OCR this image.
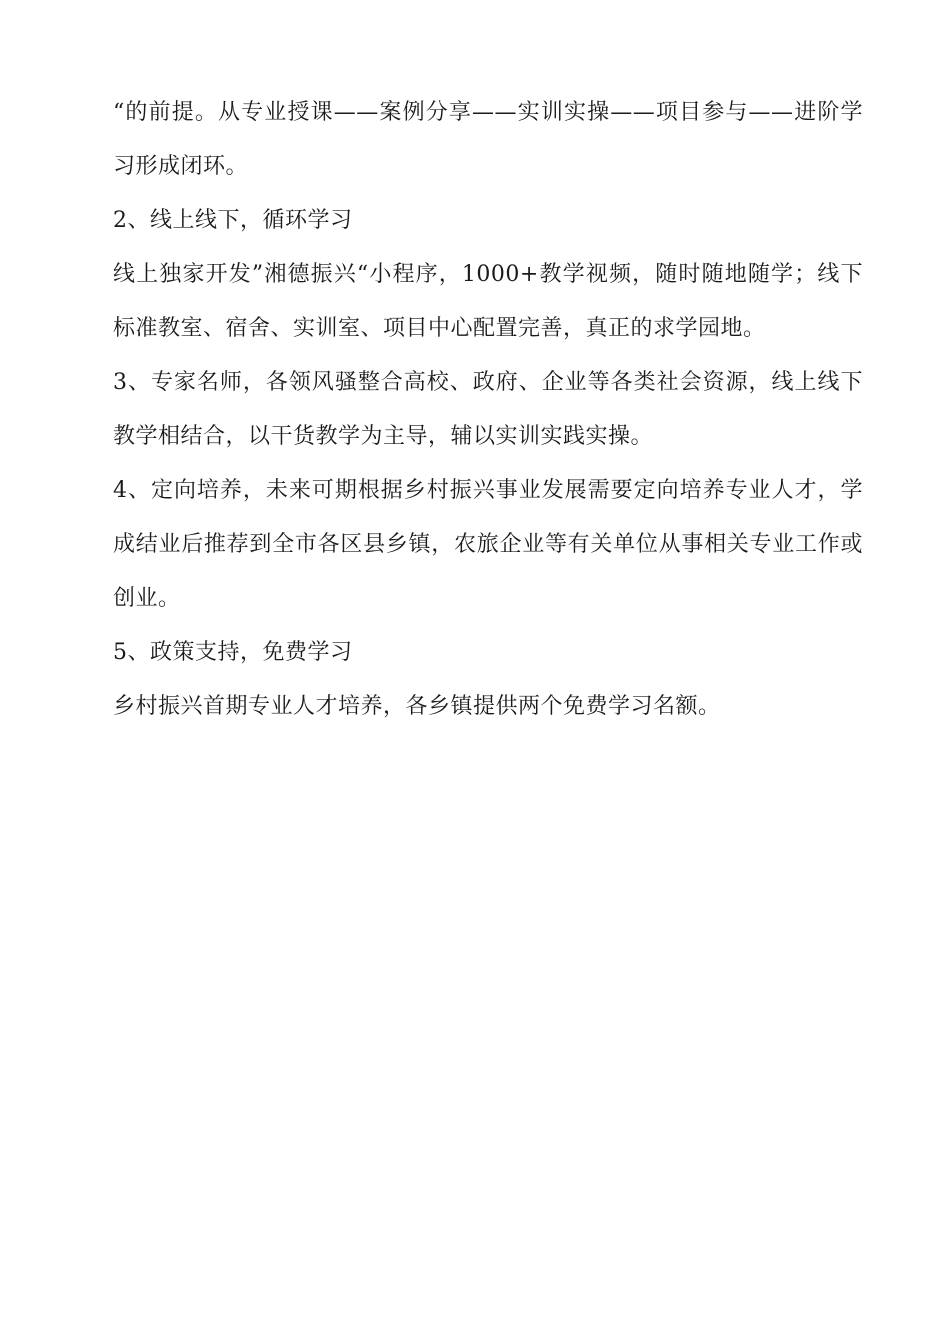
“的前提。从专业授课——案例分享——实训实操——项目参与——进阶学习形成闭环。

2、线上线下，循环学习

线上独家开发”湘德振兴“小程序，1000+教学视频，随时随地随学；线下标准教室、宿舍、实训室、项目中心配置完善，真正的求学园地。

3、专家名师，各领风骚整合高校、政府、企业等各类社会资源，线上线下教学相结合，以干货教学为主导，辅以实训实践实操。

4、定向培养，未来可期根据乡村振兴事业发展需要定向培养专业人才，学成结业后推荐到全市各区县乡镇，农旅企业等有关单位从事相关专业工作或创业。

5、政策支持，免费学习

乡村振兴首期专业人才培养，各乡镇提供两个免费学习名额。
